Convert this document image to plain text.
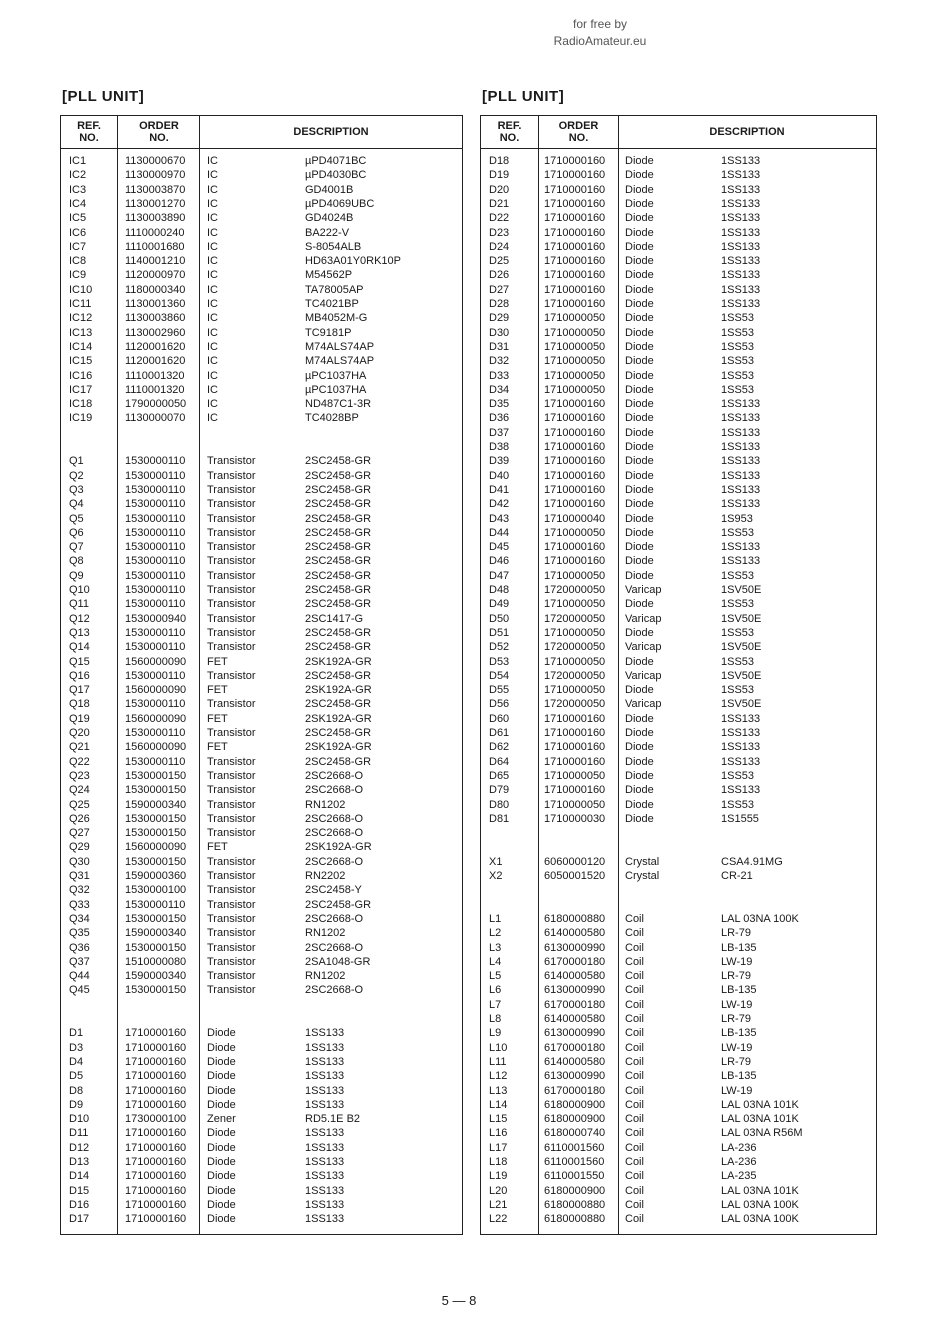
for free by
RadioAmateur.eu
[PLL UNIT]	[PLL UNIT]
REF.
NO.
ORDER
NO.	DESCRIPTION
IC1	1130000670 IC	µPD4071BC
IC2	1130000970 IC	µPD4030BC
IC3	1130003870 IC	GD4001B
IC4	1130001270 IC	µPD4069UBC
IC5	1130003890 IC	GD4024B
IC6	1110000240 IC	BA222-V
IC7	1110001680 IC	S-8054ALB
IC8	1140001210 IC	HD63A01Y0RK10P
IC9	1120000970 IC	M54562P
IC10	1180000340 IC	TA78005AP
IC11	1130001360 IC	TC4021BP
IC12	1130003860 IC	MB4052M-G
IC13	1130002960 IC	TC9181P
IC14	1120001620 IC	M74ALS74AP
IC15	1120001620 IC	M74ALS74AP
IC16	1110001320 IC	µPC1037HA
IC17	1110001320 IC	µPC1037HA
IC18	1790000050 IC	ND487C1-3R
IC19	1130000070 IC	TC4028BP
Q1	1530000110 Transistor	2SC2458-GR
Q2	1530000110 Transistor	2SC2458-GR
Q3	1530000110 Transistor	2SC2458-GR
Q4	1530000110 Transistor	2SC2458-GR
Q5	1530000110 Transistor	2SC2458-GR
Q6	1530000110 Transistor	2SC2458-GR
Q7	1530000110 Transistor	2SC2458-GR
Q8	1530000110 Transistor	2SC2458-GR
Q9	1530000110 Transistor	2SC2458-GR
Q10	1530000110 Transistor	2SC2458-GR
Q11	1530000110 Transistor	2SC2458-GR
Q12	1530000940 Transistor	2SC1417-G
Q13	1530000110 Transistor	2SC2458-GR
Q14	1530000110 Transistor	2SC2458-GR
Q15	1560000090 FET	2SK192A-GR
Q16	1530000110 Transistor	2SC2458-GR
Q17	1560000090 FET	2SK192A-GR
Q18	1530000110 Transistor	2SC2458-GR
Q19	1560000090 FET	2SK192A-GR
Q20	1530000110 Transistor	2SC2458-GR
Q21	1560000090 FET	2SK192A-GR
Q22	1530000110 Transistor	2SC2458-GR
Q23	1530000150 Transistor	2SC2668-O
Q24	1530000150 Transistor	2SC2668-O
Q25	1590000340 Transistor	RN1202
Q26	1530000150 Transistor	2SC2668-O
Q27	1530000150 Transistor	2SC2668-O
Q29	1560000090 FET	2SK192A-GR
Q30	1530000150 Transistor	2SC2668-O
Q31	1590000360 Transistor	RN2202
Q32	1530000100 Transistor	2SC2458-Y
Q33	1530000110 Transistor	2SC2458-GR
Q34	1530000150 Transistor	2SC2668-O
Q35	1590000340 Transistor	RN1202
Q36	1530000150 Transistor	2SC2668-O
Q37	1510000080 Transistor	2SA1048-GR
Q44	1590000340 Transistor	RN1202
Q45	1530000150 Transistor	2SC2668-O
D1	1710000160 Diode	1SS133
D3	1710000160 Diode	1SS133
D4	1710000160 Diode	1SS133
D5	1710000160 Diode	1SS133
D8	1710000160 Diode	1SS133
D9	1710000160 Diode	1SS133
D10	1730000100 Zener	RD5.1E B2
D11	1710000160 Diode	1SS133
D12	1710000160 Diode	1SS133
D13	1710000160 Diode	1SS133
D14	1710000160 Diode	1SS133
D15	1710000160 Diode	1SS133
D16	1710000160 Diode	1SS133
D17	1710000160 Diode	1SS133
REF.
NO.
ORDER
NO.	DESCRIPTION
D18	1710000160 Diode	1SS133
D19	1710000160 Diode	1SS133
D20	1710000160 Diode	1SS133
D21	1710000160 Diode	1SS133
D22	1710000160 Diode	1SS133
D23	1710000160 Diode	1SS133
D24	1710000160 Diode	1SS133
D25	1710000160 Diode	1SS133
D26	1710000160 Diode	1SS133
D27	1710000160 Diode	1SS133
D28	1710000160 Diode	1SS133
D29	1710000050 Diode	1SS53
D30	1710000050 Diode	1SS53
D31	1710000050 Diode	1SS53
D32	1710000050 Diode	1SS53
D33	1710000050 Diode	1SS53
D34	1710000050 Diode	1SS53
D35	1710000160 Diode	1SS133
D36	1710000160 Diode	1SS133
D37	1710000160 Diode	1SS133
D38	1710000160 Diode	1SS133
D39	1710000160 Diode	1SS133
D40	1710000160 Diode	1SS133
D41	1710000160 Diode	1SS133
D42	1710000160 Diode	1SS133
D43	1710000040 Diode	1S953
D44	1710000050 Diode	1SS53
D45	1710000160 Diode	1SS133
D46	1710000160 Diode	1SS133
D47	1710000050 Diode	1SS53
D48	1720000050 Varicap	1SV50E
D49	1710000050 Diode	1SS53
D50	1720000050 Varicap	1SV50E
D51	1710000050 Diode	1SS53
D52	1720000050 Varicap	1SV50E
D53	1710000050 Diode	1SS53
D54	1720000050 Varicap	1SV50E
D55	1710000050 Diode	1SS53
D56	1720000050 Varicap	1SV50E
D60	1710000160 Diode	1SS133
D61	1710000160 Diode	1SS133
D62	1710000160 Diode	1SS133
D64	1710000160 Diode	1SS133
D65	1710000050 Diode	1SS53
D79	1710000160 Diode	1SS133
D80	1710000050 Diode	1SS53
D81	1710000030 Diode	1S1555
X1	6060000120 Crystal	CSA4.91MG
X2	6050001520 Crystal	CR-21
L1	6180000880 Coil	LAL 03NA 100K
L2	6140000580 Coil	LR-79
L3	6130000990 Coil	LB-135
L4	6170000180 Coil	LW-19
L5	6140000580 Coil	LR-79
L6	6130000990 Coil	LB-135
L7	6170000180 Coil	LW-19
L8	6140000580 Coil	LR-79
L9	6130000990 Coil	LB-135
L10	6170000180 Coil	LW-19
L11	6140000580 Coil	LR-79
L12	6130000990 Coil	LB-135
L13	6170000180 Coil	LW-19
L14	6180000900 Coil	LAL 03NA 101K
L15	6180000900 Coil	LAL 03NA 101K
L16	6180000740 Coil	LAL 03NA R56M
L17	6110001560 Coil	LA-236
L18	6110001560 Coil	LA-236
L19	6110001550 Coil	LA-235
L20	6180000900 Coil	LAL 03NA 101K
L21	6180000880 Coil	LAL 03NA 100K
L22	6180000880 Coil	LAL 03NA 100K
5 — 8
